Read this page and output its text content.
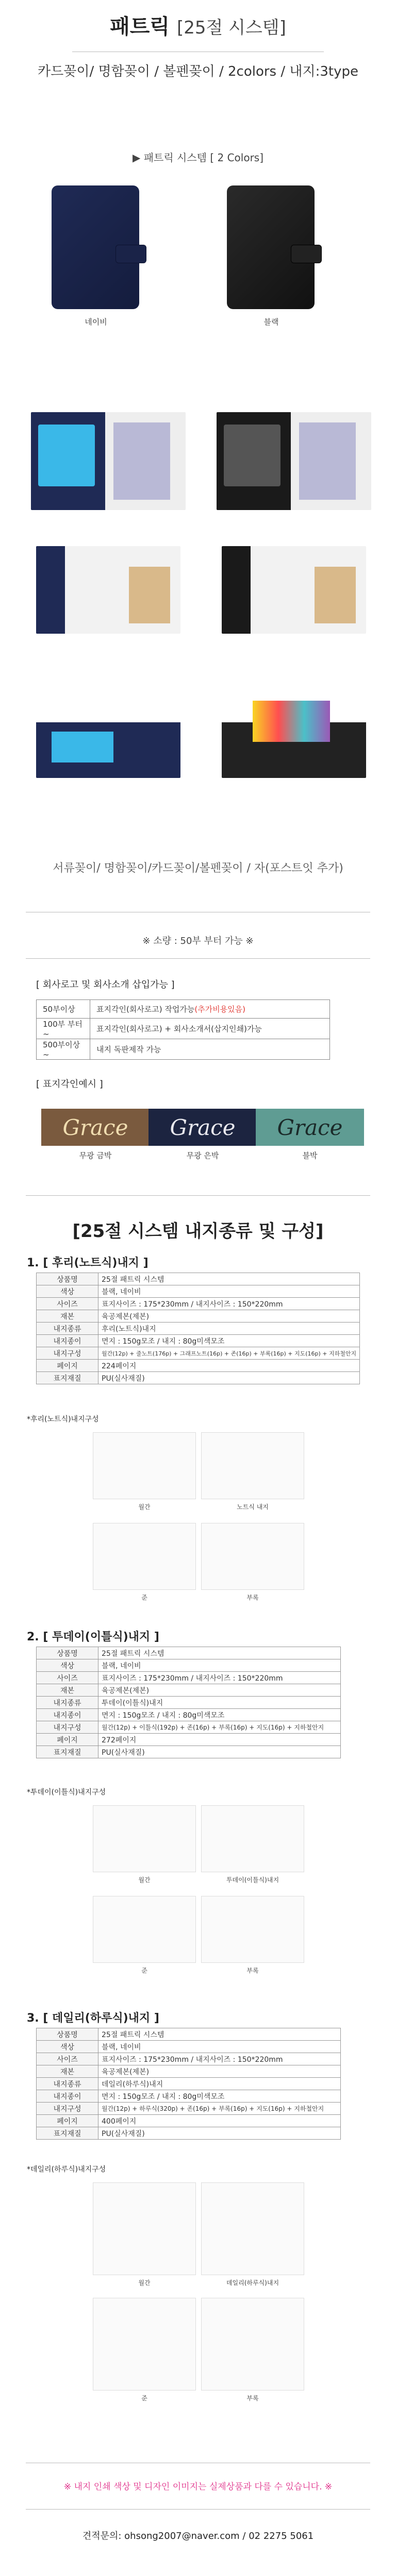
패트릭 [25절 시스템]
카드꽂이/ 명함꽂이 / 볼펜꽂이 / 2colors / 내지:3type
▶ 패트릭 시스템 [ 2 Colors]
네이비	블랙
서류꽂이/ 명함꽂이/카드꽂이/볼펜꽂이 / 자(포스트잇 추가)
※ 소량 : 50부 부터 가능 ※
[ 회사로고 및 회사소개 삽입가능 ]
50부이상	표지각인(회사로고) 작업가능(추가비용있음)
100부 부터~	표지각인(회사로고) + 회사소개서(삽지인쇄)가능
500부이상~	내지 독판제작 가능
[ 표지각인예시 ]
Grace
무광 금박
Grace
무광 은박
Grace
블박
[25절 시스템 내지종류 및 구성]
1. [ 후리(노트식)내지 ]
상품명	25절 패트릭 시스템
색상	블랙, 네이비
사이즈	표지사이즈 : 175*230mm / 내지사이즈 : 150*220mm
재본	육공제본(제본)
내지종류	후리(노트식)내지
내지종이	면지 : 150g모조 / 내지 : 80g미색모조
내지구성	월간(12p) + 줄노트(176p) + 그래프노트(16p) + 존(16p) + 부록(16p) + 지도(16p) + 지하철안지
페이지	224페이지
표지재질	PU(실사재질)
*후리(노트식)내지구성
월간	노트식 내지
준	부록
2. [ 투데이(이틀식)내지 ]
상품명	25절 패트릭 시스템
색상	블랙, 네이비
사이즈	표지사이즈 : 175*230mm / 내지사이즈 : 150*220mm
재본	육공제본(제본)
내지종류	투데이(이틀식)내지
내지종이	면지 : 150g모조 / 내지 : 80g미색모조
내지구성	월간(12p) + 이틀식(192p) + 존(16p) + 부록(16p) + 지도(16p) + 지하철안지
페이지	272페이지
표지재질	PU(실사재질)
*투데이(이틀식)내지구성
월간	투데이(이틀식)내지
준	부록
3. [ 데일리(하루식)내지 ]
상품명	25절 패트릭 시스템
색상	블랙, 네이비
사이즈	표지사이즈 : 175*230mm / 내지사이즈 : 150*220mm
재본	육공제본(제본)
내지종류	데일리(하루식)내지
내지종이	면지 : 150g모조 / 내지 : 80g미색모조
내지구성	월간(12p) + 하루식(320p) + 존(16p) + 부록(16p) + 지도(16p) + 지하철안지
페이지	400페이지
표지재질	PU(실사재질)
*데일리(하루식)내지구성
월간	데일리(하루식)내지
준	부록
※ 내지 인쇄 색상 및 디자인 이미지는 실제상품과 다를 수 있습니다. ※
견적문의: ohsong2007@naver.com / 02 2275 5061
